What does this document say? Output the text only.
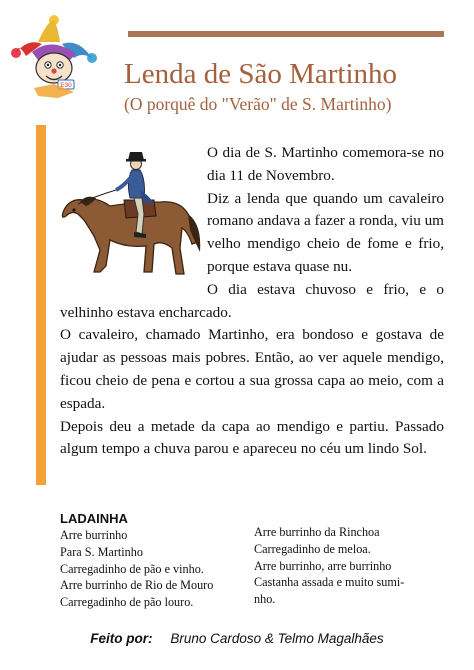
E30 Lenda de São Martinho
(O porquê do "Verão" de S. Martinho)

O dia de S. Martinho comemora-se no dia 11 de Novembro.

Diz a lenda que quando um cavaleiro romano andava a fazer a ronda, viu um velho mendigo cheio de fome e frio, porque estava quase nu.

O dia estava chuvoso e frio, e o velhinho estava encharcado.

O cavaleiro, chamado Martinho, era bondoso e gostava de ajudar as pessoas mais pobres. Então, ao ver aquele mendigo, ficou cheio de pena e cortou a sua grossa capa ao meio, com a espada.

Depois deu a metade da capa ao mendigo e partiu. Passado algum tempo a chuva parou e apareceu no céu um lindo Sol.

LADAINHA
Arre burrinho
Para S. Martinho
Carregadinho de pão e vinho.
Arre burrinho de Rio de Mouro
Carregadinho de pão louro.
Arre burrinho da Rinchoa
Carregadinho de meloa.
Arre burrinho, arre burrinho
Castanha assada e muito sumi-
nho.
Feito por: Bruno Cardoso & Telmo Magalhães
